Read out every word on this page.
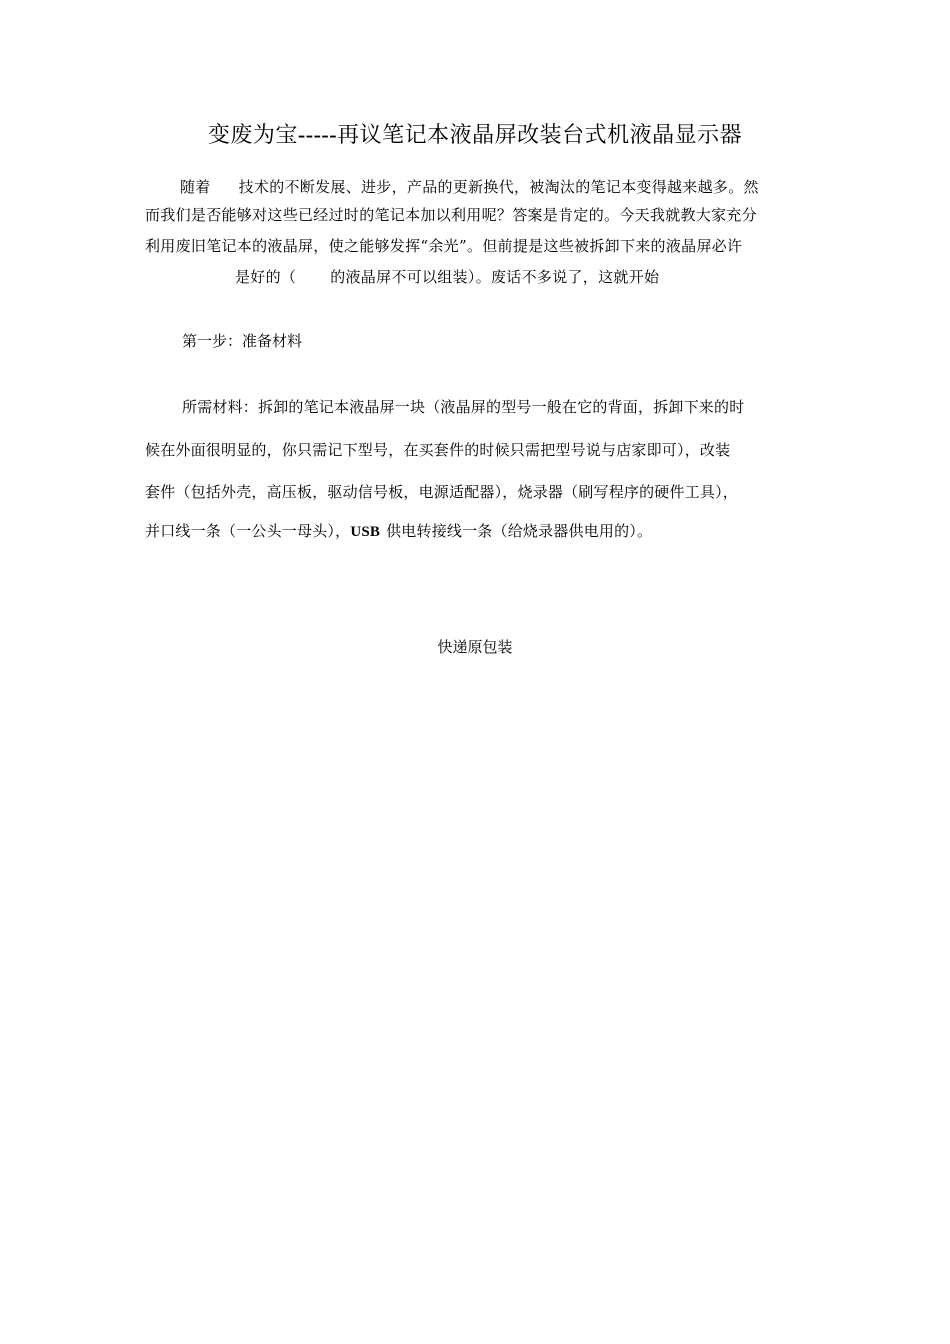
变废为宝-----再议笔记本液晶屏改装台式机液晶显示器
随着 技术的不断发展、进步，产品的更新换代，被淘汰的笔记本变得越来越多。然
而我们是否能够对这些已经过时的笔记本加以利用呢？答案是肯定的。今天我就教大家充分
利用废旧笔记本的液晶屏，使之能够发挥“余光”。但前提是这些被拆卸下来的液晶屏必许
是好的（ 的液晶屏不可以组装）。废话不多说了，这就开始
第一步：准备材料
所需材料：拆卸的笔记本液晶屏一块（液晶屏的型号一般在它的背面，拆卸下来的时
候在外面很明显的，你只需记下型号，在买套件的时候只需把型号说与店家即可），改装
套件（包括外壳，高压板，驱动信号板，电源适配器），烧录器（刷写程序的硬件工具），
并口线一条（一公头一母头），USB 供电转接线一条（给烧录器供电用的）。
快递原包装
